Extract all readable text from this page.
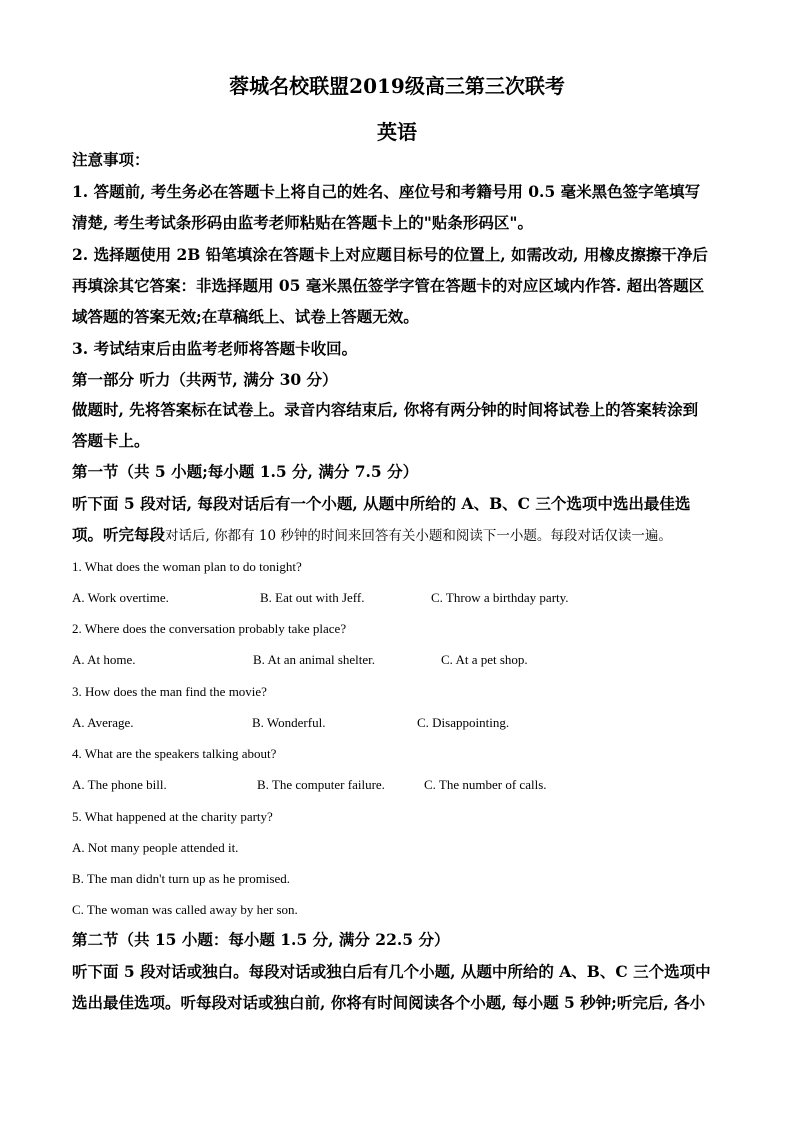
蓉城名校联盟2019级高三第三次联考
英语
注意事项：
1. 答题前, 考生务必在答题卡上将自己的姓名、座位号和考籍号用 0.5 毫米黑色签字笔填写
清楚, 考生考试条形码由监考老师粘贴在答题卡上的"贴条形码区"。
2. 选择题使用 2B 铅笔填涂在答题卡上对应题目标号的位置上, 如需改动, 用橡皮擦擦干净后
再填涂其它答案：非选择题用 05 毫米黑伍签学字管在答题卡的对应区域内作答. 超出答题区
域答题的答案无效;在草稿纸上、试卷上答题无效。
3. 考试结束后由监考老师将答题卡收回。
第一部分 听力（共两节, 满分 30 分）
做题时, 先将答案标在试卷上。录音内容结束后, 你将有两分钟的时间将试卷上的答案转涂到
答题卡上。
第一节（共 5 小题;每小题 1.5 分, 满分 7.5 分）
听下面 5 段对话, 每段对话后有一个小题, 从题中所给的 A、B、C 三个选项中选出最佳选
项。听完每段对话后, 你都有 10 秒钟的时间来回答有关小题和阅读下一小题。每段对话仅读一遍。
1. What does the woman plan to do tonight?
A. Work overtime.	B. Eat out with Jeff.	C. Throw a birthday party.
2. Where does the conversation probably take place?
A. At home.	B. At an animal shelter.	C. At a pet shop.
3. How does the man find the movie?
A. Average.	B. Wonderful.	C. Disappointing.
4. What are the speakers talking about?
A. The phone bill.	B. The computer failure.	C. The number of calls.
5. What happened at the charity party?
A. Not many people attended it.
B. The man didn't turn up as he promised.
C. The woman was called away by her son.
第二节（共 15 小题：每小题 1.5 分, 满分 22.5 分）
听下面 5 段对话或独白。每段对话或独白后有几个小题, 从题中所给的 A、B、C 三个选项中
选出最佳选项。听每段对话或独白前, 你将有时间阅读各个小题, 每小题 5 秒钟;听完后, 各小
